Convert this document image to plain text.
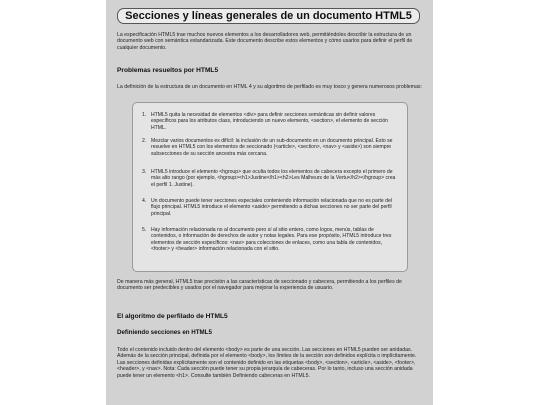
Secciones y líneas generales de un documento HTML5
La especificación HTML5 trae muchos nuevos elementos a los desarrolladores web, permitiéndoles describir la estructura de un documento web con semántica estandarizada. Este documento describe estos elementos y cómo usarlos para definir el perfil de cualquier documento.
Problemas resueltos por HTML5
La definición de la estructura de un documento en HTML 4 y su algoritmo de perfilado es muy tosco y genera numerosos problemas:
1. HTML5 quita la necesidad de elementos <div> para definir secciones semánticas sin definir valores específicos para los atributos class, introduciendo un nuevo elemento, <section>, el elemento de sección HTML.
2. Mezclar varios documentos es difícil: la inclusión de un sub-documento en un documento principal. Esto se resuelve en HTML5 con los elementos de seccionado (<article>, <section>, <nav> y <aside>) son siempre subsecciones de su sección ancestra más cercana.
3. HTML5 introduce el elemento <hgroup> que oculta todos los elementos de cabecera excepto el primero de más alto rango (por ejemplo, <hgroup><h1>Justine</h1><h2>Les Malheurs de la Vertu</h2></hgroup> crea el perfil 1. Justine).
4. Un documento puede tener secciones especiales conteniendo información relacionada que no es parte del flujo principal. HTML5 introduce el elemento <aside> permitiendo a dichas secciones no ser parte del perfil principal.
5. Hay información relacionada no al documento pero sí al sitio entero, como logos, menús, tablas de contenidos, o información de derechos de autor y notas legales. Para ese propósito, HTML5 introduce tres elementos de sección específicos: <nav> para colecciones de enlaces, como una tabla de contenidos, <footer> y <header> información relacionada con el sitio.
De manera más general, HTML5 trae precisión a las características de seccionado y cabecera, permitiendo a los perfiles de documento ser predecibles y usados por el navegador para mejorar la experiencia de usuario.
El algoritmo de perfilado de HTML5
Definiendo secciones en HTML5
Todo el contenido incluido dentro del elemento <body> es parte de una sección. Las secciones en HTML5 pueden ser anidadas. Además de la sección principal, definida por el elemento <body>, los límites de la sección son definidos explícita o implícitamente. Las secciones definidas explícitamente son el contenido definido en las etiquetas <body>, <section>, <article>, <aside>, <footer>, <header>, y <nav>. Nota: Cada sección puede tener su propia jerarquía de cabeceras. Por lo tanto, incluso una sección anidada puede tener un elemento <h1>. Consulte también Definiendo cabeceras en HTML5.
